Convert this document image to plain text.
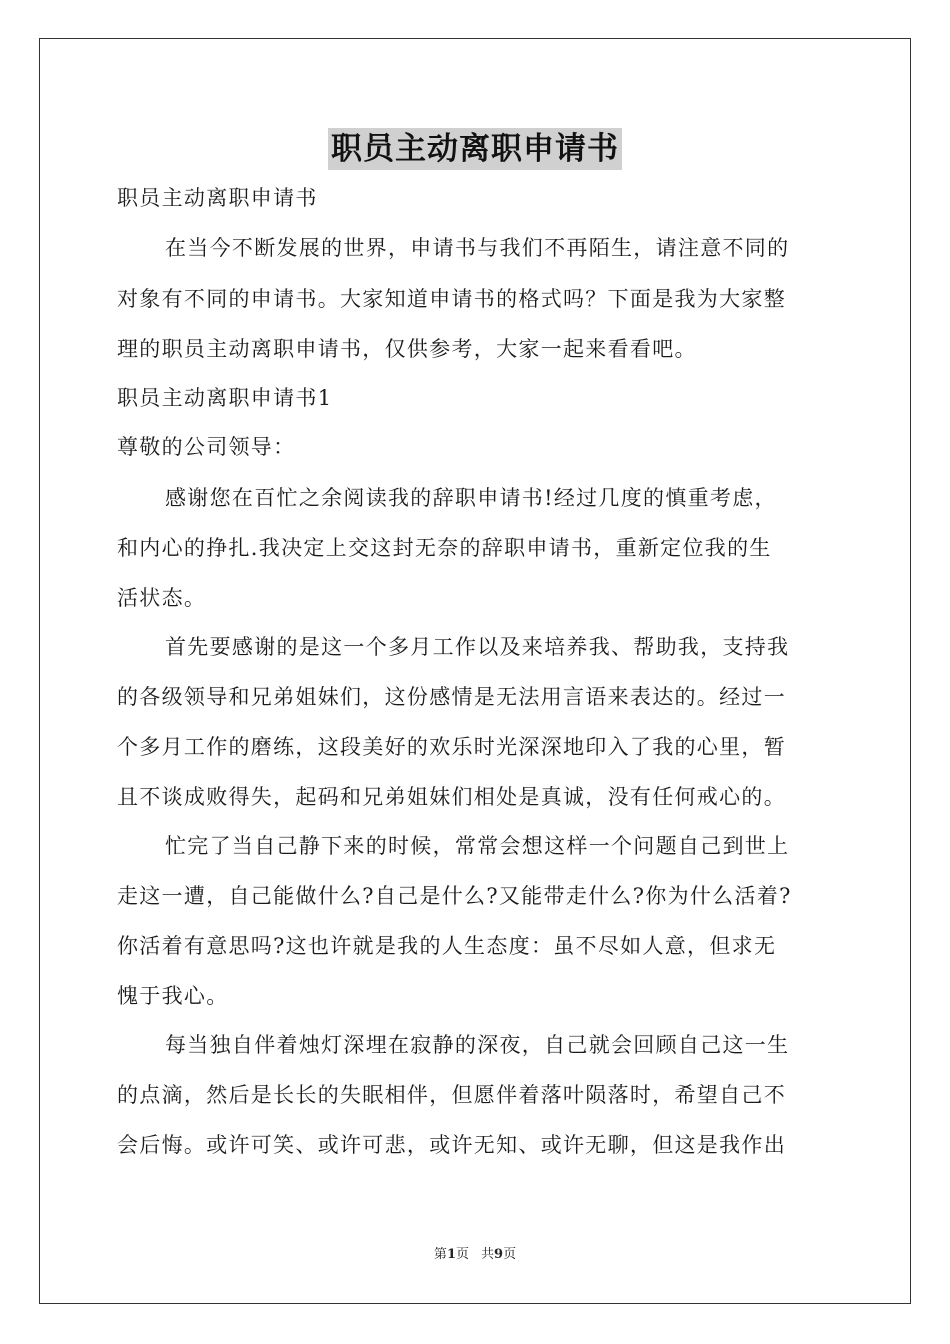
职员主动离职申请书
职员主动离职申请书
在当今不断发展的世界，申请书与我们不再陌生，请注意不同的
对象有不同的申请书。大家知道申请书的格式吗？下面是我为大家整
理的职员主动离职申请书，仅供参考，大家一起来看看吧。
职员主动离职申请书1
尊敬的公司领导：
感谢您在百忙之余阅读我的辞职申请书!经过几度的慎重考虑，
和内心的挣扎.我决定上交这封无奈的辞职申请书，重新定位我的生
活状态。
首先要感谢的是这一个多月工作以及来培养我、帮助我，支持我
的各级领导和兄弟姐妹们，这份感情是无法用言语来表达的。经过一
个多月工作的磨练，这段美好的欢乐时光深深地印入了我的心里，暂
且不谈成败得失，起码和兄弟姐妹们相处是真诚，没有任何戒心的。
忙完了当自己静下来的时候，常常会想这样一个问题自己到世上
走这一遭，自己能做什么?自己是什么?又能带走什么?你为什么活着?
你活着有意思吗?这也许就是我的人生态度：虽不尽如人意，但求无
愧于我心。
每当独自伴着烛灯深埋在寂静的深夜，自己就会回顾自己这一生
的点滴，然后是长长的失眠相伴，但愿伴着落叶陨落时，希望自己不
会后悔。或许可笑、或许可悲，或许无知、或许无聊，但这是我作出
第1页 共9页
